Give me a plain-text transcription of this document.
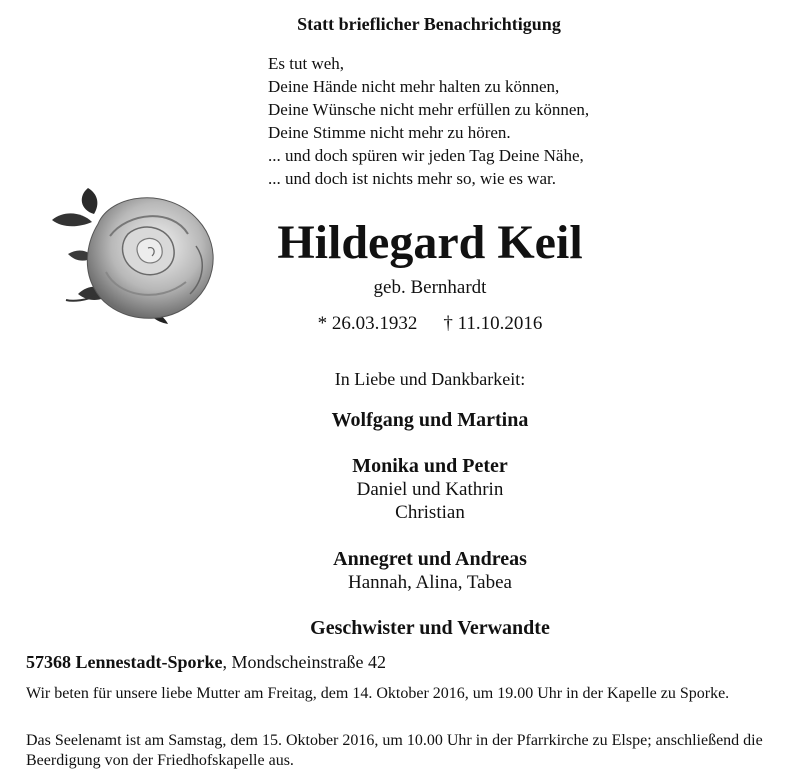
Statt brieflicher Benachrichtigung
Es tut weh,
Deine Hände nicht mehr halten zu können,
Deine Wünsche nicht mehr erfüllen zu können,
Deine Stimme nicht mehr zu hören.
... und doch spüren wir jeden Tag Deine Nähe,
... und doch ist nichts mehr so, wie es war.
Hildegard Keil
geb. Bernhardt
* 26.03.1932 † 11.10.2016
In Liebe und Dankbarkeit:
Wolfgang und Martina
Monika und Peter
Daniel und Kathrin
Christian
Annegret und Andreas
Hannah, Alina, Tabea
Geschwister und Verwandte
57368 Lennestadt-Sporke, Mondscheinstraße 42
Wir beten für unsere liebe Mutter am Freitag, dem 14. Oktober 2016, um 19.00 Uhr in der Kapelle zu Sporke.
Das Seelenamt ist am Samstag, dem 15. Oktober 2016, um 10.00 Uhr in der Pfarrkirche zu Elspe; anschließend die Beerdigung von der Friedhofskapelle aus.
